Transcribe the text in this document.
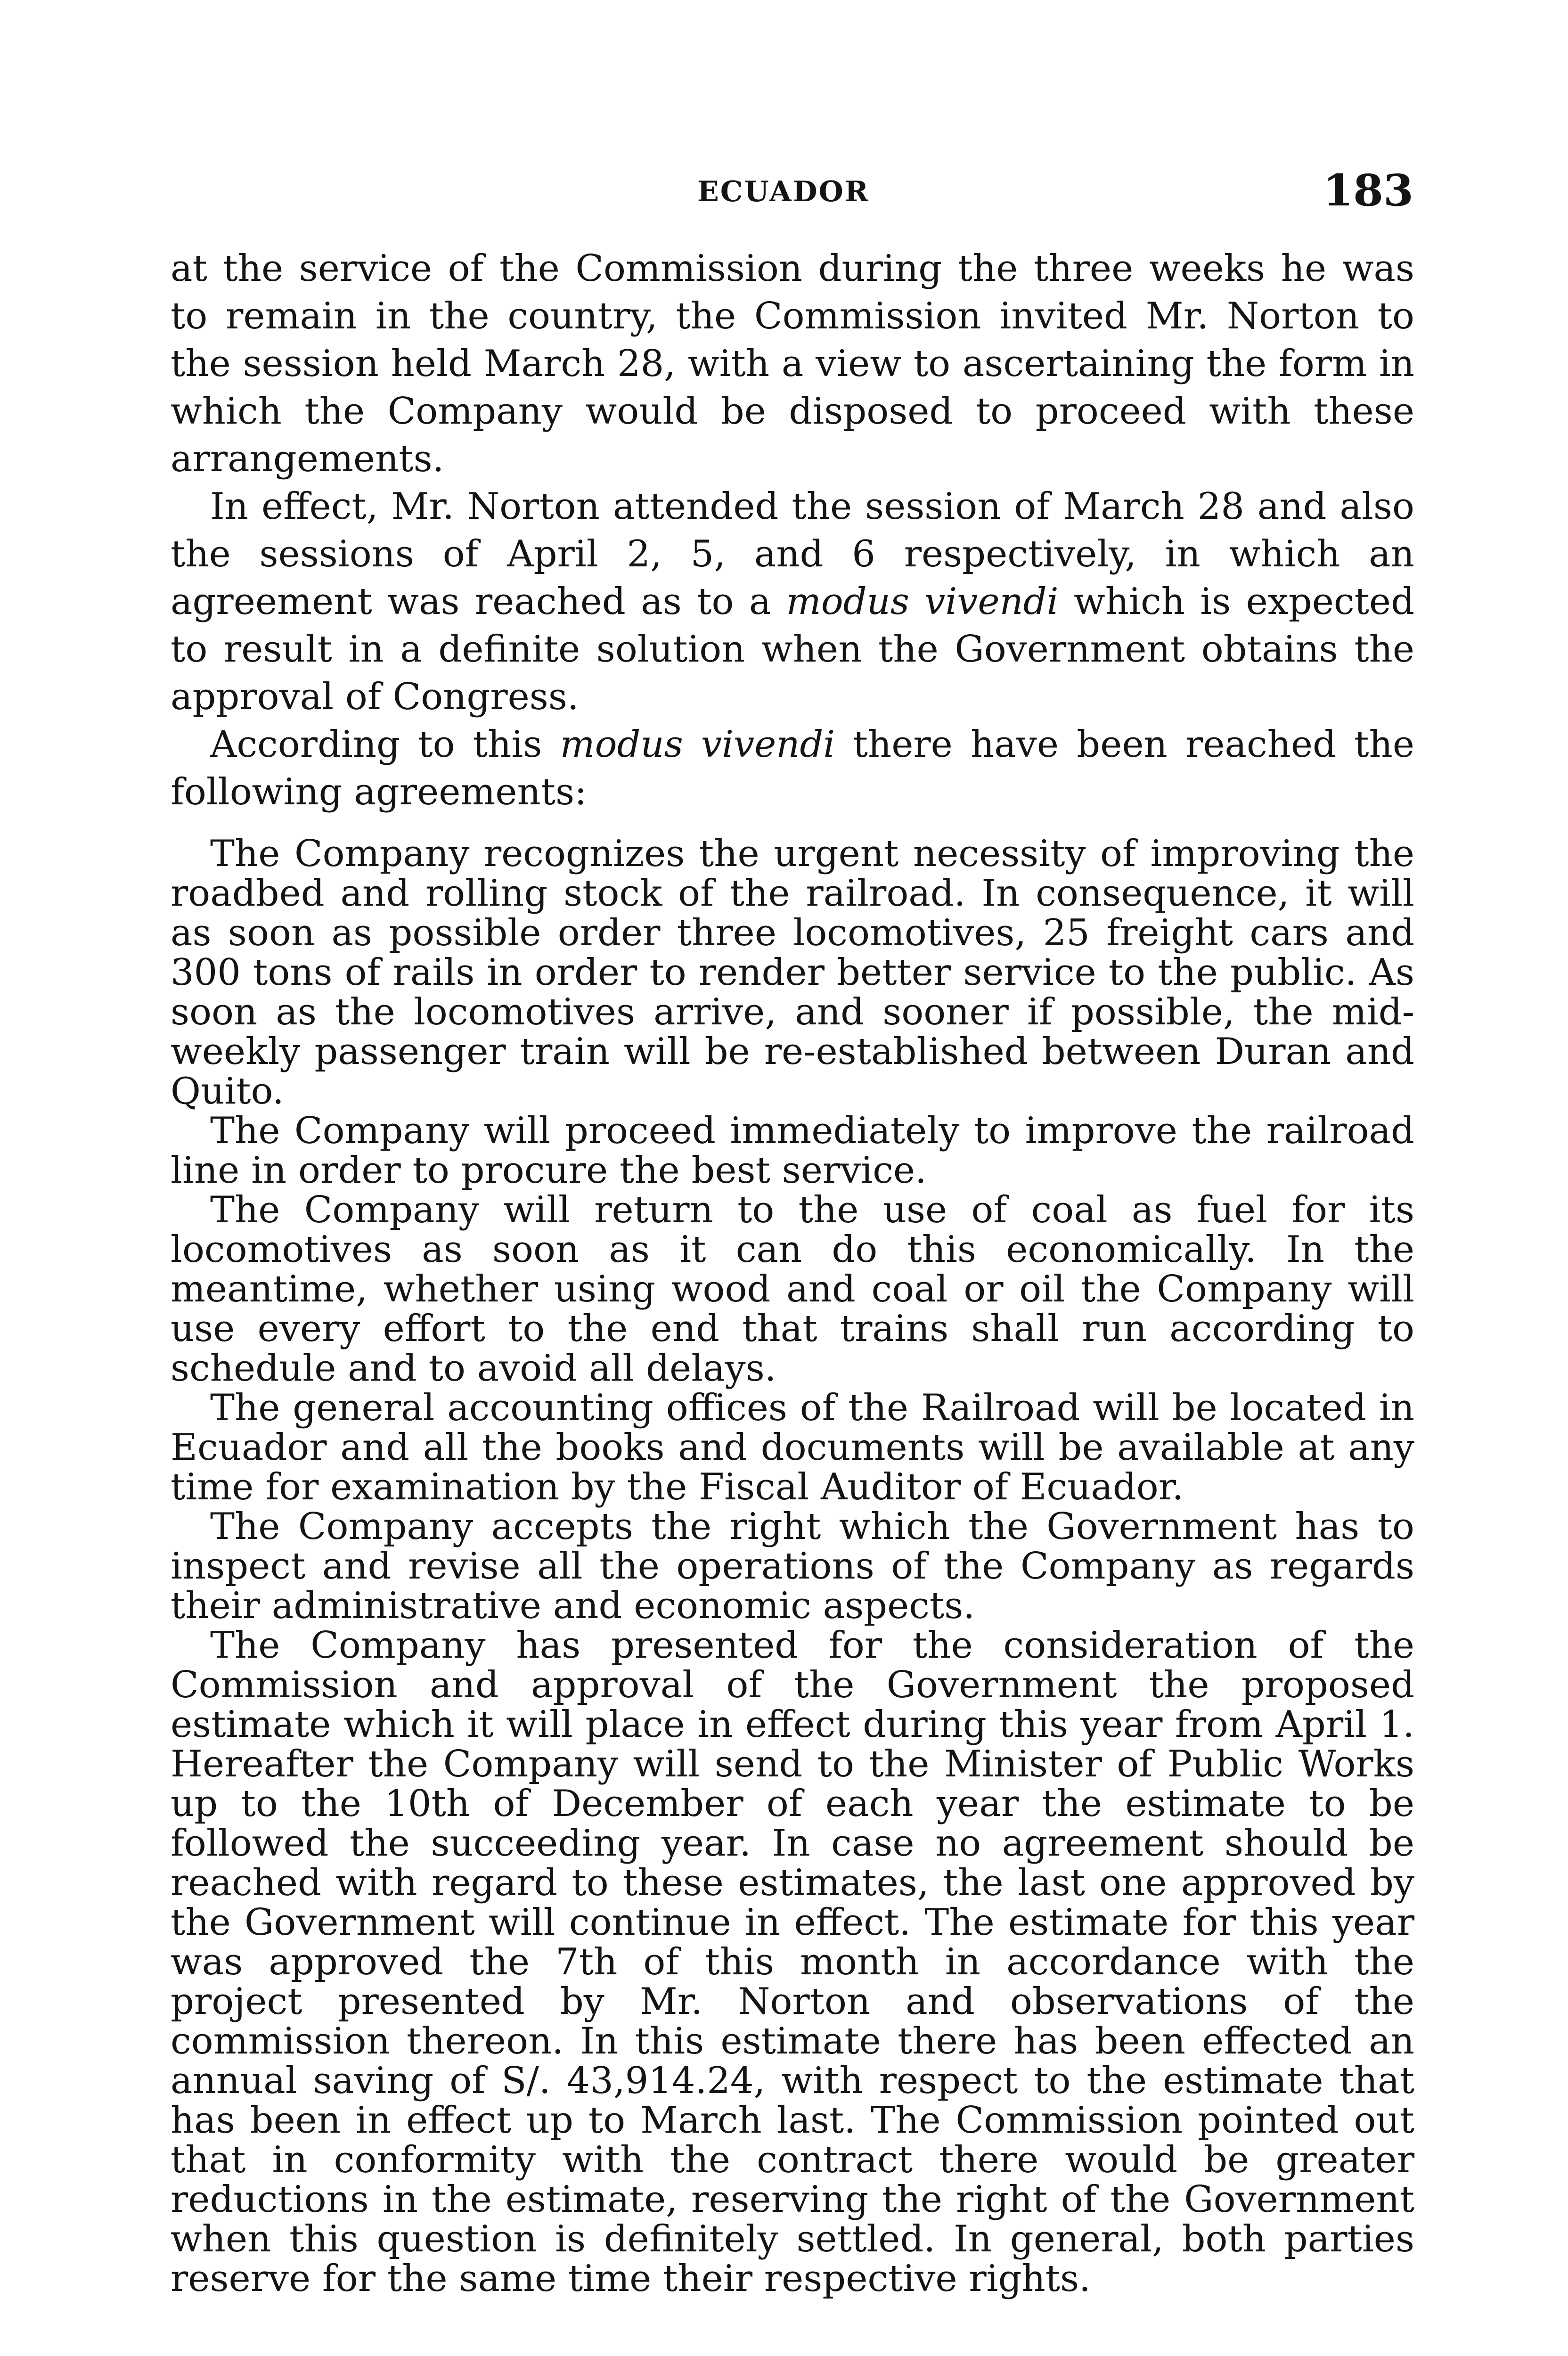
ECUADOR	183

at the service of the Commission during the three weeks he was to remain in the country, the Commission invited Mr. Norton to the session held March 28, with a view to ascertaining the form in which the Company would be disposed to proceed with these arrangements.

In effect, Mr. Norton attended the session of March 28 and also the sessions of April 2, 5, and 6 respectively, in which an agreement was reached as to a modus vivendi which is expected to result in a definite solution when the Government obtains the approval of Congress.

According to this modus vivendi there have been reached the following agreements:

The Company recognizes the urgent necessity of improving the roadbed and rolling stock of the railroad. In consequence, it will as soon as possible order three locomotives, 25 freight cars and 300 tons of rails in order to render better service to the public. As soon as the locomotives arrive, and sooner if possible, the mid-weekly passenger train will be re-established between Duran and Quito.

The Company will proceed immediately to improve the railroad line in order to procure the best service.

The Company will return to the use of coal as fuel for its locomotives as soon as it can do this economically. In the meantime, whether using wood and coal or oil the Company will use every effort to the end that trains shall run according to schedule and to avoid all delays.

The general accounting offices of the Railroad will be located in Ecuador and all the books and documents will be available at any time for examination by the Fiscal Auditor of Ecuador.

The Company accepts the right which the Government has to inspect and revise all the operations of the Company as regards their administrative and economic aspects.

The Company has presented for the consideration of the Commission and approval of the Government the proposed estimate which it will place in effect during this year from April 1. Hereafter the Company will send to the Minister of Public Works up to the 10th of December of each year the estimate to be followed the succeeding year. In case no agreement should be reached with regard to these estimates, the last one approved by the Government will continue in effect. The estimate for this year was approved the 7th of this month in accordance with the project presented by Mr. Norton and observations of the commission thereon. In this estimate there has been effected an annual saving of S/. 43,914.24, with respect to the estimate that has been in effect up to March last. The Commission pointed out that in conformity with the contract there would be greater reductions in the estimate, reserving the right of the Government when this question is definitely settled. In general, both parties reserve for the same time their respective rights.
